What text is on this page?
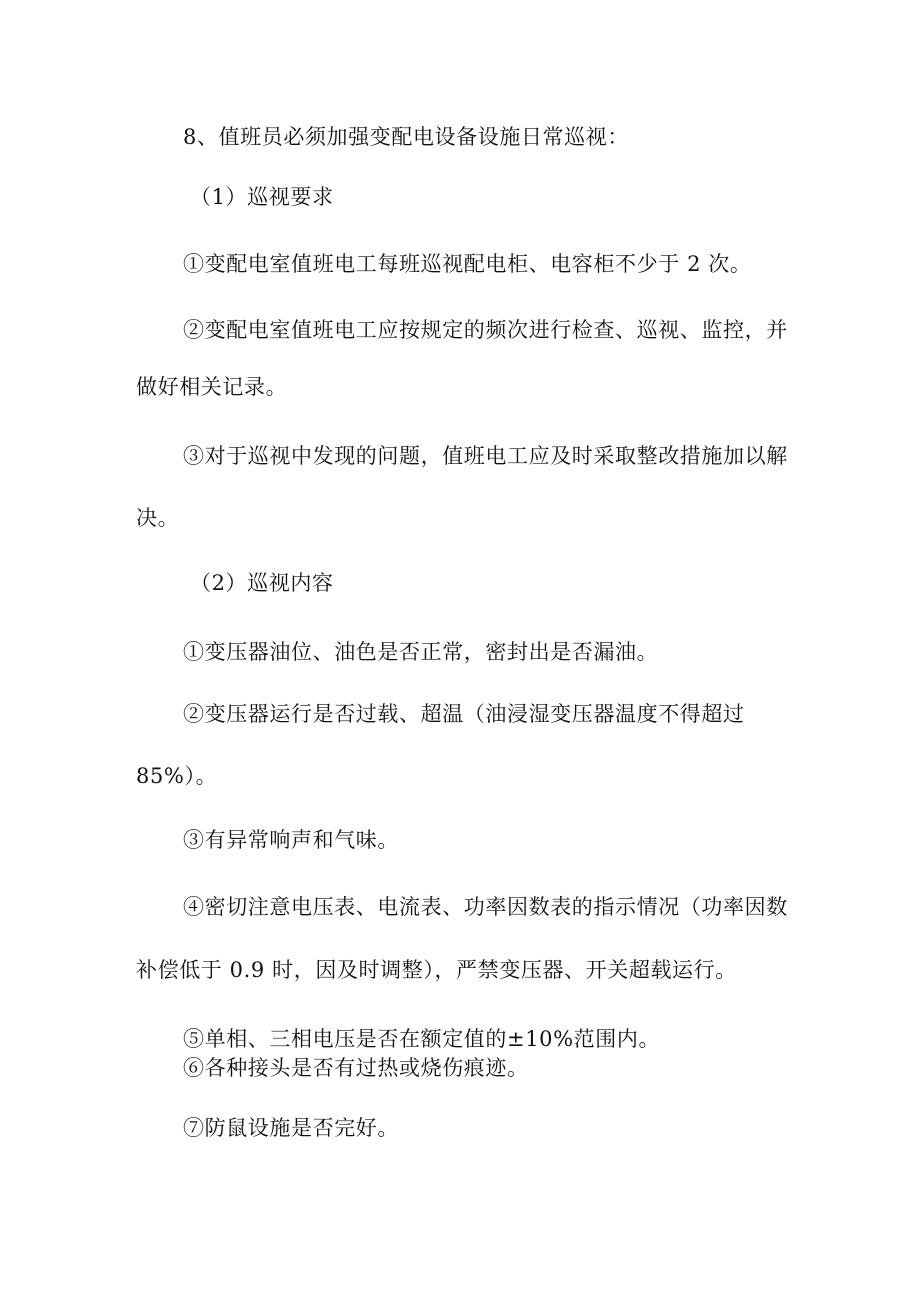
8、值班员必须加强变配电设备设施日常巡视：
（1）巡视要求
①变配电室值班电工每班巡视配电柜、电容柜不少于 2 次。
②变配电室值班电工应按规定的频次进行检查、巡视、监控，并
做好相关记录。
③对于巡视中发现的问题，值班电工应及时采取整改措施加以解
决。
（2）巡视内容
①变压器油位、油色是否正常，密封出是否漏油。
②变压器运行是否过载、超温（油浸湿变压器温度不得超过
85%）。
③有异常响声和气味。
④密切注意电压表、电流表、功率因数表的指示情况（功率因数
补偿低于 0.9 时，因及时调整），严禁变压器、开关超载运行。
⑤单相、三相电压是否在额定值的±10%范围内。
⑥各种接头是否有过热或烧伤痕迹。
⑦防鼠设施是否完好。
